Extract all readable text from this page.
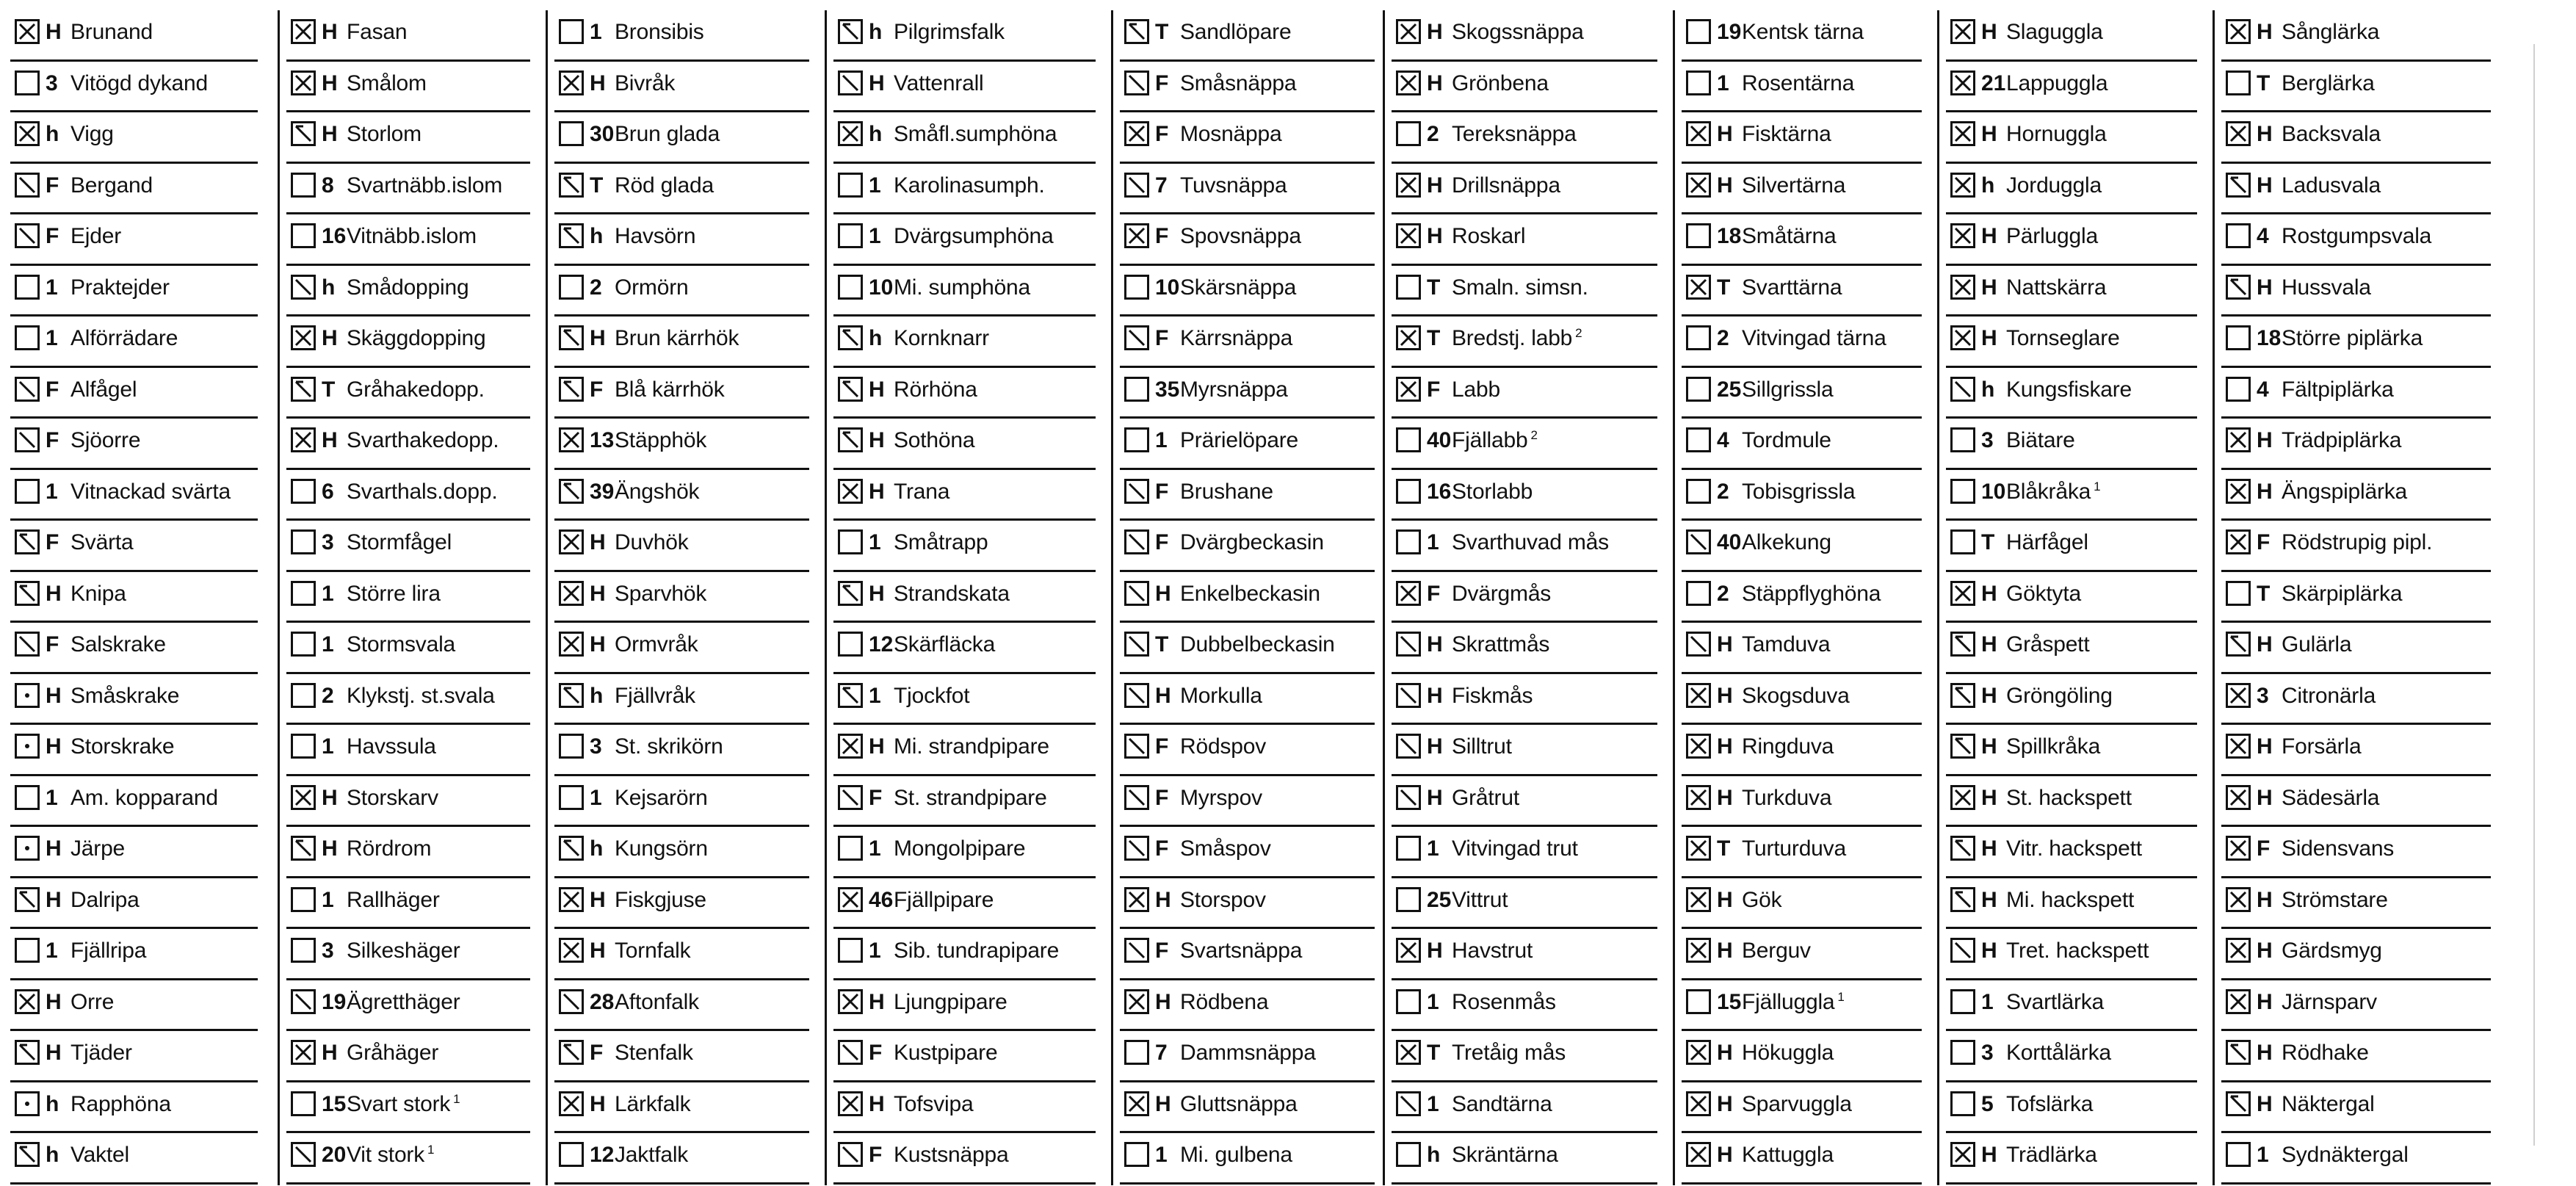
H Brunand
3 Vitögd dykand
h Vigg
F Bergand
F Ejder
1 Praktejder
1 Alförrädare
F Alfågel
F Sjöorre
1 Vitnackad svärta
F Svärta
H Knipa
F Salskrake
H Småskrake
H Storskrake
1 Am. kopparand
H Järpe
H Dalripa
1 Fjällripa
H Orre
H Tjäder
h Rapphöna
h Vaktel
H Fasan
H Smålom
H Storlom
8 Svartnäbb.islom
16 Vitnäbb.islom
h Smådopping
H Skäggdopping
T Gråhakedopp.
H Svarthakedopp.
6 Svarthals.dopp.
3 Stormfågel
1 Större lira
1 Stormsvala
2 Klykstj. st.svala
1 Havssula
H Storskarv
H Rördrom
1 Rallhäger
3 Silkeshäger
19 Ägretthäger
H Gråhäger
15 Svart stork $^1$
20 Vit stork $^1$
1 Bronsibis
H Bivråk
30 Brun glada
T Röd glada
h Havsörn
2 Ormörn
H Brun kärrhök
F Blå kärrhök
13 Stäpphök
39 Ängshök
H Duvhök
H Sparvhök
H Ormvråk
h Fjällvråk
3 St. skrikörn
1 Kejsarörn
h Kungsörn
H Fiskgjuse
H Tornfalk
28 Aftonfalk
F Stenfalk
H Lärkfalk
12 Jaktfalk
h Pilgrimsfalk
H Vattenrall
h Småfl.sumphöna
1 Karolinasumph.
1 Dvärgsumphöna
10 Mi. sumphöna
h Kornknarr
H Rörhöna
H Sothöna
H Trana
1 Småtrapp
H Strandskata
12 Skärfläcka
1 Tjockfot
H Mi. strandpipare
F St. strandpipare
1 Mongolpipare
46 Fjällpipare
1 Sib. tundrapipare
H Ljungpipare
F Kustpipare
H Tofsvipa
F Kustsnäppa
T Sandlöpare
F Småsnäppa
F Mosnäppa
7 Tuvsnäppa
F Spovsnäppa
10 Skärsnäppa
F Kärrsnäppa
35 Myrsnäppa
1 Prärielöpare
F Brushane
F Dvärgbeckasin
H Enkelbeckasin
T Dubbelbeckasin
H Morkulla
F Rödspov
F Myrspov
F Småspov
H Storspov
F Svartsnäppa
H Rödbena
7 Dammsnäppa
H Gluttsnäppa
1 Mi. gulbena
H Skogssnäppa
H Grönbena
2 Tereksnäppa
H Drillsnäppa
H Roskarl
T Smaln. simsn.
T Bredstj. labb $^2$
F Labb
40 Fjällabb $^2$
16 Storlabb
1 Svarthuvad mås
F Dvärgmås
H Skrattmås
H Fiskmås
H Silltrut
H Gråtrut
1 Vitvingad trut
25 Vittrut
H Havstrut
1 Rosenmås
T Tretåig mås
1 Sandtärna
h Skräntärna
19 Kentsk tärna
1 Rosentärna
H Fisktärna
H Silvertärna
18 Småtärna
T Svarttärna
2 Vitvingad tärna
25 Sillgrissla
4 Tordmule
2 Tobisgrissla
40 Alkekung
2 Stäppflyghöna
H Tamduva
H Skogsduva
H Ringduva
H Turkduva
T Turturduva
H Gök
H Berguv
15 Fjälluggla $^1$
H Hökuggla
H Sparvuggla
H Kattuggla
H Slaguggla
21 Lappuggla
H Hornuggla
h Jorduggla
H Pärluggla
H Nattskärra
H Tornseglare
h Kungsfiskare
3 Biätare
10 Blåkråka $^1$
T Härfågel
H Göktyta
H Gråspett
H Gröngöling
H Spillkråka
H St. hackspett
H Vitr. hackspett
H Mi. hackspett
H Tret. hackspett
1 Svartlärka
3 Korttålärka
5 Tofslärka
H Trädlärka
H Sånglärka
T Berglärka
H Backsvala
H Ladusvala
4 Rostgumpsvala
H Hussvala
18 Större piplärka
4 Fältpiplärka
H Trädpiplärka
H Ängspiplärka
F Rödstrupig pipl.
T Skärpiplärka
H Gulärla
3 Citronärla
H Forsärla
H Sädesärla
F Sidensvans
H Strömstare
H Gärdsmyg
H Järnsparv
H Rödhake
H Näktergal
1 Sydnäktergal
